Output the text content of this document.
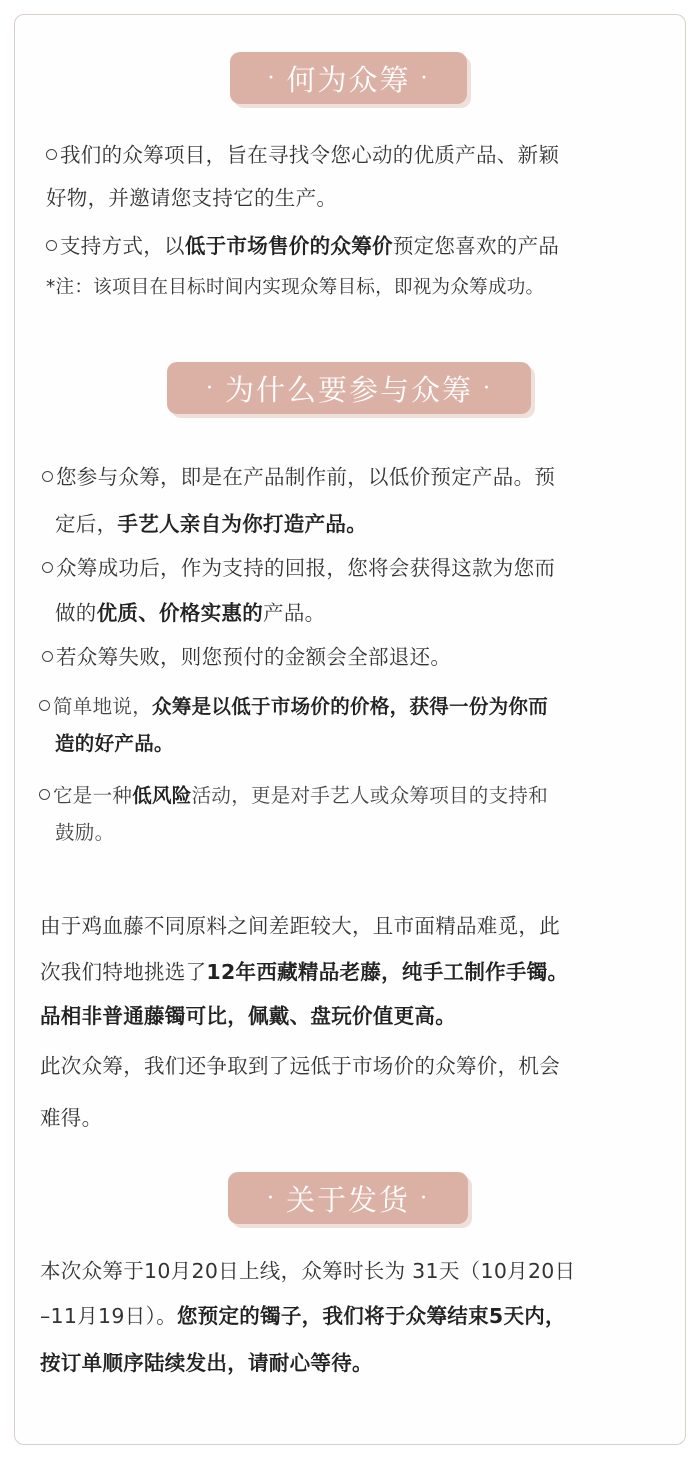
· 何为众筹 ·
我们的众筹项目，旨在寻找令您心动的优质产品、新颖
好物，并邀请您支持它的生产。
支持方式，以低于市场售价的众筹价预定您喜欢的产品
*注：该项目在目标时间内实现众筹目标，即视为众筹成功。
· 为什么要参与众筹 ·
您参与众筹，即是在产品制作前，以低价预定产品。预
定后，手艺人亲自为你打造产品。
众筹成功后，作为支持的回报，您将会获得这款为您而
做的优质、价格实惠的产品。
若众筹失败，则您预付的金额会全部退还。
简单地说，众筹是以低于市场价的价格，获得一份为你而
造的好产品。
它是一种低风险活动，更是对手艺人或众筹项目的支持和
鼓励。
由于鸡血藤不同原料之间差距较大，且市面精品难觅，此
次我们特地挑选了12年西藏精品老藤，纯手工制作手镯。
品相非普通藤镯可比，佩戴、盘玩价值更高。
此次众筹，我们还争取到了远低于市场价的众筹价，机会
难得。
· 关于发货 ·
本次众筹于10月20日上线，众筹时长为 31天（10月20日
–11月19日）。您预定的镯子，我们将于众筹结束5天内，
按订单顺序陆续发出，请耐心等待。
